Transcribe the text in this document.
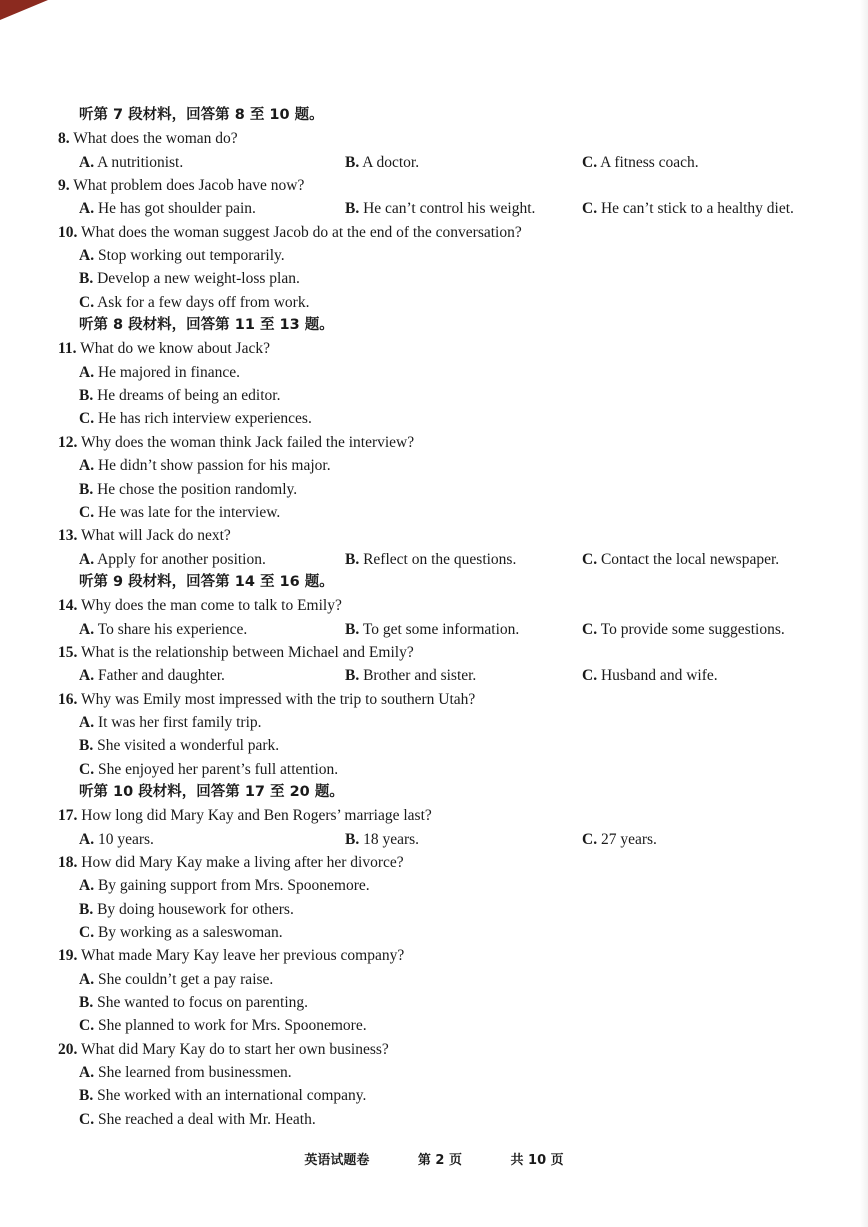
听第 7 段材料，回答第 8 至 10 题。
8. What does the woman do?
A. A nutritionist.	B. A doctor.	C. A fitness coach.
9. What problem does Jacob have now?
A. He has got shoulder pain.	B. He can’t control his weight.	C. He can’t stick to a healthy diet.
10. What does the woman suggest Jacob do at the end of the conversation?
A. Stop working out temporarily.
B. Develop a new weight-loss plan.
C. Ask for a few days off from work.
听第 8 段材料，回答第 11 至 13 题。
11. What do we know about Jack?
A. He majored in finance.
B. He dreams of being an editor.
C. He has rich interview experiences.
12. Why does the woman think Jack failed the interview?
A. He didn’t show passion for his major.
B. He chose the position randomly.
C. He was late for the interview.
13. What will Jack do next?
A. Apply for another position.	B. Reflect on the questions.	C. Contact the local newspaper.
听第 9 段材料，回答第 14 至 16 题。
14. Why does the man come to talk to Emily?
A. To share his experience.	B. To get some information.	C. To provide some suggestions.
15. What is the relationship between Michael and Emily?
A. Father and daughter.	B. Brother and sister.	C. Husband and wife.
16. Why was Emily most impressed with the trip to southern Utah?
A. It was her first family trip.
B. She visited a wonderful park.
C. She enjoyed her parent’s full attention.
听第 10 段材料，回答第 17 至 20 题。
17. How long did Mary Kay and Ben Rogers’ marriage last?
A. 10 years.	B. 18 years.	C. 27 years.
18. How did Mary Kay make a living after her divorce?
A. By gaining support from Mrs. Spoonemore.
B. By doing housework for others.
C. By working as a saleswoman.
19. What made Mary Kay leave her previous company?
A. She couldn’t get a pay raise.
B. She wanted to focus on parenting.
C. She planned to work for Mrs. Spoonemore.
20. What did Mary Kay do to start her own business?
A. She learned from businessmen.
B. She worked with an international company.
C. She reached a deal with Mr. Heath.
英语试题卷	第 2 页	共 10 页
